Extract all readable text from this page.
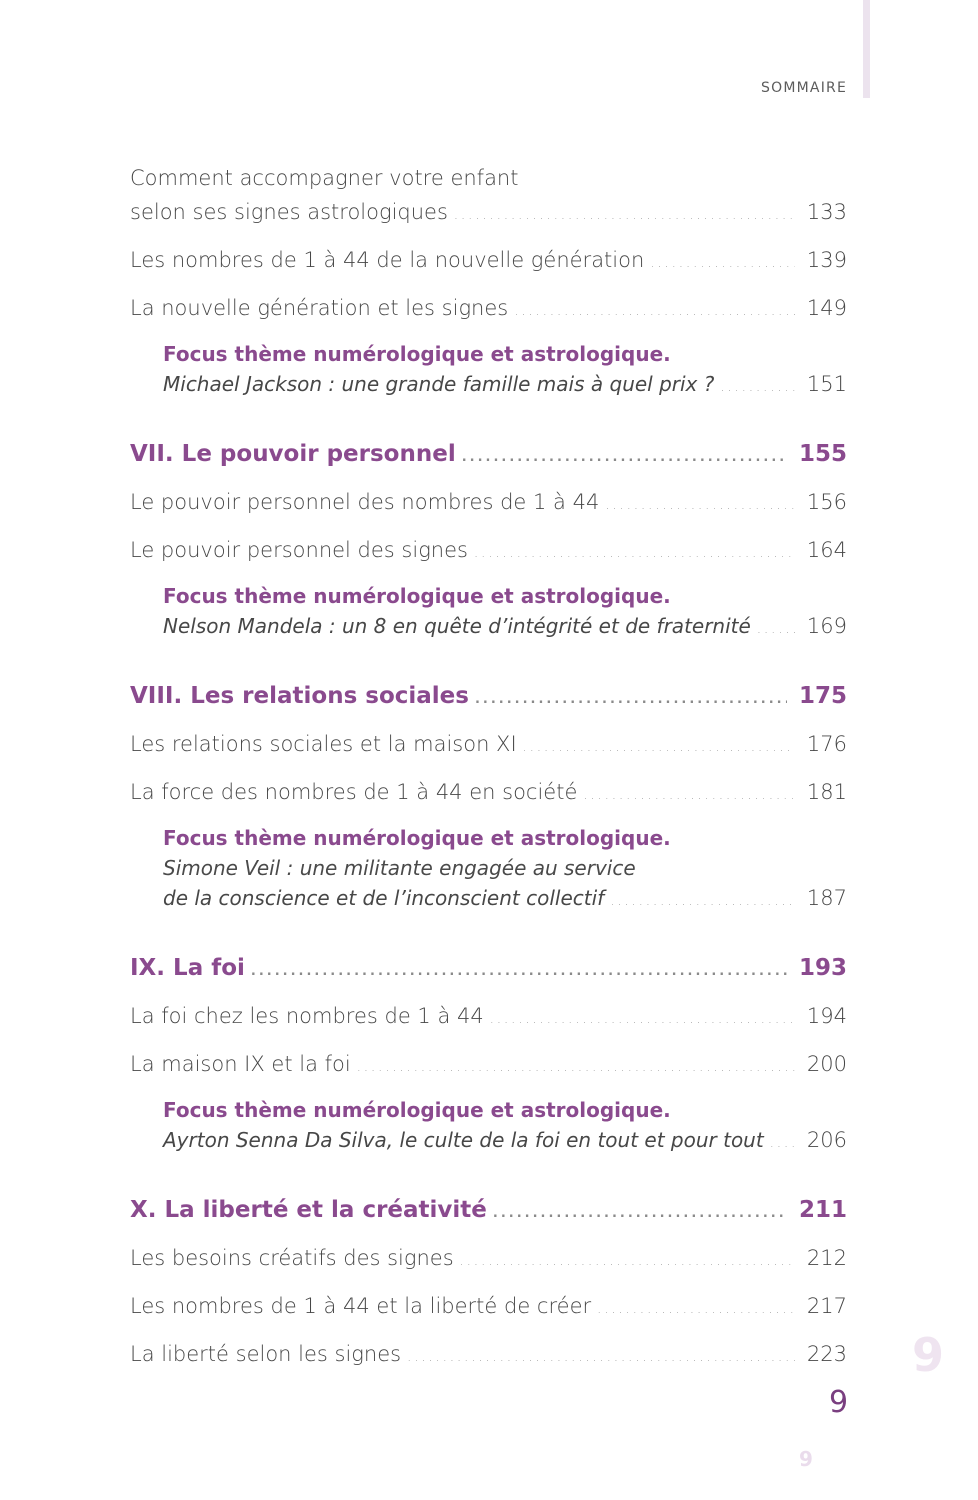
SOMMAIRE
Comment accompagner votre enfant
selon ses signes astrologiques .....	133
Les nombres de 1 à 44 de la nouvelle génération .....	139
La nouvelle génération et les signes .....	149
Focus thème numérologique et astrologique.
Michael Jackson : une grande famille mais à quel prix ? .....	151
VII. Le pouvoir personnel .....	155
Le pouvoir personnel des nombres de 1 à 44 .....	156
Le pouvoir personnel des signes .....	164
Focus thème numérologique et astrologique.
Nelson Mandela : un 8 en quête d’intégrité et de fraternité .....	169
VIII. Les relations sociales .....	175
Les relations sociales et la maison XI .....	176
La force des nombres de 1 à 44 en société .....	181
Focus thème numérologique et astrologique.
Simone Veil : une militante engagée au service
de la conscience et de l’inconscient collectif .....	187
IX. La foi .....	193
La foi chez les nombres de 1 à 44 .....	194
La maison IX et la foi .....	200
Focus thème numérologique et astrologique.
Ayrton Senna Da Silva, le culte de la foi en tout et pour tout ..... 206
X. La liberté et la créativité .....	211
Les besoins créatifs des signes .....	212
Les nombres de 1 à 44 et la liberté de créer .....	217
La liberté selon les signes .....	223 9
9
9
